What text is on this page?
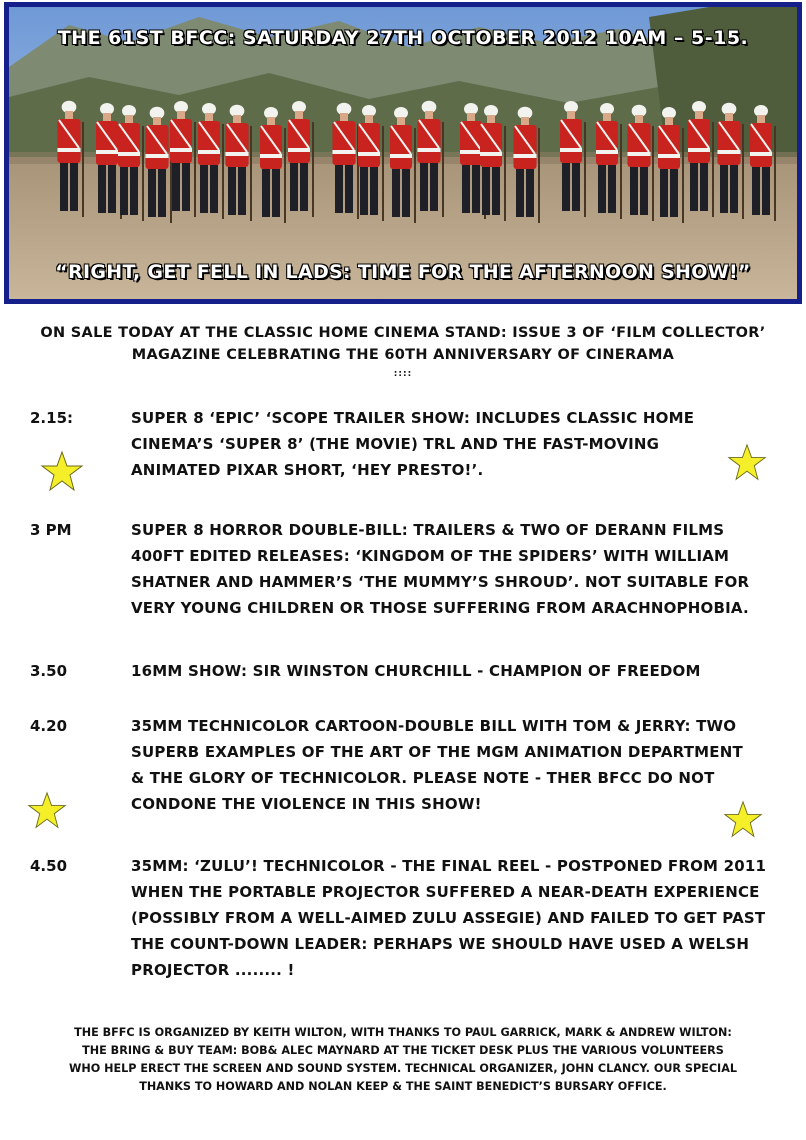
THE 61ST BFCC: SATURDAY 27TH OCTOBER 2012 10AM – 5-15.
“RIGHT, GET FELL IN LADS: TIME FOR THE AFTERNOON SHOW!”
ON SALE TODAY AT THE CLASSIC HOME CINEMA STAND: ISSUE 3 OF ‘FILM COLLECTOR’
MAGAZINE CELEBRATING THE 60TH ANNIVERSARY OF CINERAMA
::::
2.15:	SUPER 8 ‘EPIC’ ‘SCOPE TRAILER SHOW: INCLUDES CLASSIC HOME
CINEMA’S ‘SUPER 8’ (THE MOVIE) TRL AND THE FAST-MOVING
ANIMATED PIXAR SHORT, ‘HEY PRESTO!’.
3 PM	SUPER 8 HORROR DOUBLE-BILL: TRAILERS & TWO OF DERANN FILMS
400FT EDITED RELEASES: ‘KINGDOM OF THE SPIDERS’ WITH WILLIAM
SHATNER AND HAMMER’S ‘THE MUMMY’S SHROUD’. NOT SUITABLE FOR
VERY YOUNG CHILDREN OR THOSE SUFFERING FROM ARACHNOPHOBIA.
3.50	16MM SHOW: SIR WINSTON CHURCHILL - CHAMPION OF FREEDOM
4.20	35MM TECHNICOLOR CARTOON-DOUBLE BILL WITH TOM & JERRY: TWO
SUPERB EXAMPLES OF THE ART OF THE MGM ANIMATION DEPARTMENT
& THE GLORY OF TECHNICOLOR. PLEASE NOTE - THER BFCC DO NOT
CONDONE THE VIOLENCE IN THIS SHOW!
4.50	35MM: ‘ZULU’! TECHNICOLOR - THE FINAL REEL - POSTPONED FROM 2011
WHEN THE PORTABLE PROJECTOR SUFFERED A NEAR-DEATH EXPERIENCE
(POSSIBLY FROM A WELL-AIMED ZULU ASSEGIE) AND FAILED TO GET PAST
THE COUNT-DOWN LEADER: PERHAPS WE SHOULD HAVE USED A WELSH
PROJECTOR ........ !
THE BFFC IS ORGANIZED BY KEITH WILTON, WITH THANKS TO PAUL GARRICK, MARK & ANDREW WILTON:
THE BRING & BUY TEAM: BOB& ALEC MAYNARD AT THE TICKET DESK PLUS THE VARIOUS VOLUNTEERS
WHO HELP ERECT THE SCREEN AND SOUND SYSTEM. TECHNICAL ORGANIZER, JOHN CLANCY. OUR SPECIAL
THANKS TO HOWARD AND NOLAN KEEP & THE SAINT BENEDICT’S BURSARY OFFICE.
